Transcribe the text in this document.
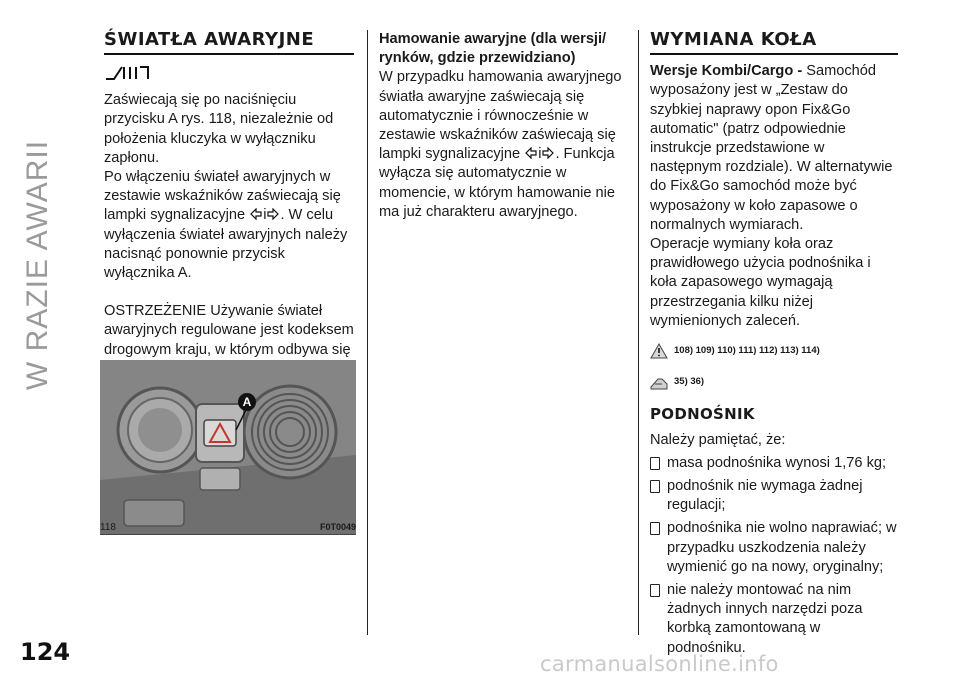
W RAZIE AWARII
124
ŚWIATŁA AWARYJNE

Zaświecają się po naciśnięciu przycisku A rys. 118, niezależnie od położenia kluczyka w wyłączniku zapłonu.

Po włączeniu świateł awaryjnych w zestawie wskaźników zaświecają się lampki sygnalizacyjne i . W celu wyłączenia świateł awaryjnych należy nacisnąć ponownie przycisk wyłącznika A.

OSTRZEŻENIE Używanie świateł awaryjnych regulowane jest kodeksem drogowym kraju, w którym odbywa się

A
118	F0T0049

Hamowanie awaryjne (dla wersji/ rynków, gdzie przewidziano)

W przypadku hamowania awaryjnego światła awaryjne zaświecają się automatycznie i równocześnie w zestawie wskaźników zaświecają się lampki sygnalizacyjne i . Funkcja wyłącza się automatycznie w momencie, w którym hamowanie nie ma już charakteru awaryjnego.

WYMIANA KOŁA

Wersje Kombi/Cargo - Samochód wyposażony jest w „Zestaw do szybkiej naprawy opon Fix&Go automatic" (patrz odpowiednie instrukcje przedstawione w następnym rozdziale). W alternatywie do Fix&Go samochód może być wyposażony w koło zapasowe o normalnych wymiarach.

Operacje wymiany koła oraz prawidłowego użycia podnośnika i koła zapasowego wymagają przestrzegania kilku niżej wymienionych zaleceń.

108) 109) 110) 111) 112) 113) 114)
35) 36)
PODNOŚNIK

Należy pamiętać, że:

masa podnośnika wynosi 1,76 kg;
podnośnik nie wymaga żadnej regulacji;
podnośnika nie wolno naprawiać; w przypadku uszkodzenia należy wymienić go na nowy, oryginalny;
nie należy montować na nim żadnych innych narzędzi poza korbką zamontowaną w podnośniku.
carmanualsonline.info
